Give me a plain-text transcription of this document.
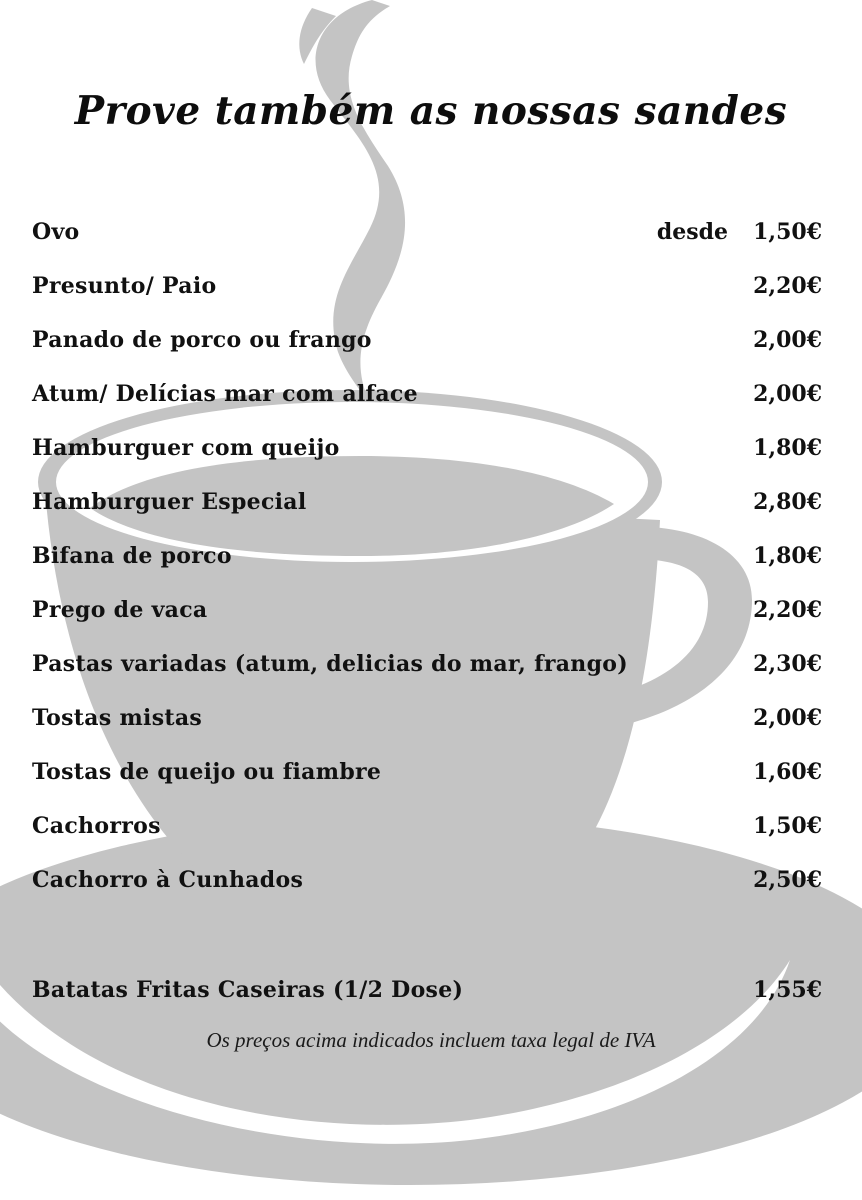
Prove também as nossas sandes
Ovo	desde 1,50€
Presunto/ Paio	2,20€
Panado de porco ou frango	2,00€
Atum/ Delícias mar com alface	2,00€
Hamburguer com queijo	1,80€
Hamburguer Especial	2,80€
Bifana de porco	1,80€
Prego de vaca	2,20€
Pastas variadas (atum, delicias do mar, frango)	2,30€
Tostas mistas	2,00€
Tostas de queijo ou fiambre	1,60€
Cachorros	1,50€
Cachorro à Cunhados	2,50€
Batatas Fritas Caseiras (1/2 Dose)	1,55€
Os preços acima indicados incluem taxa legal de IVA
